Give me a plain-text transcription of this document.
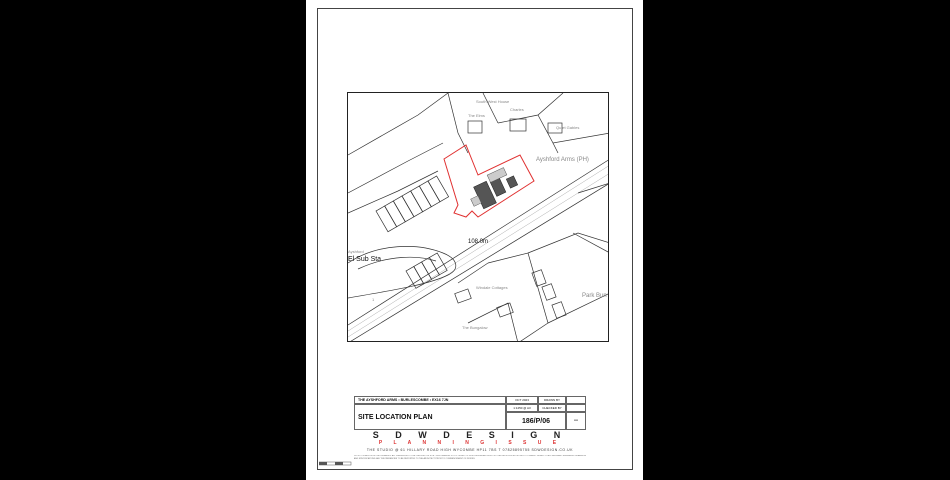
South West House
Charles
The Elms
Quiet Gables
Ayshford Arms (PH)
Ayshford
Park Bun
Windale Cottages
The Bungalow
1
108.0m
El Sub Sta
THE AYSHFORD ARMS • BURLESCOMBE • EX16 7JN
SITE LOCATION PLAN
OCT 2023	DRAWN BY
1:1250 @ A3	CHECKED BY
186/P/06	--
S D W D E S I G N
P L A N N I N G I S S U E
THE STUDIO @ 61 HILLARY ROAD HIGH WYCOMBE HP11 7BS T 07825895755 SDWDESIGN.CO.UK
DO NOT SCALE FROM THIS DRAWING. ALL DIMENSIONS TO BE CHECKED ON SITE. THIS DRAWING IS COPYRIGHT OF SDW DESIGN AND MUST NOT BE REPRODUCED WITHOUT CONSENT. REFER TO ALL RELEVANT ENGINEERS DRAWINGS AND SPECIFICATIONS. ANY DISCREPANCIES TO BE REPORTED TO THE ARCHITECT PRIOR TO COMMENCEMENT OF WORKS.
